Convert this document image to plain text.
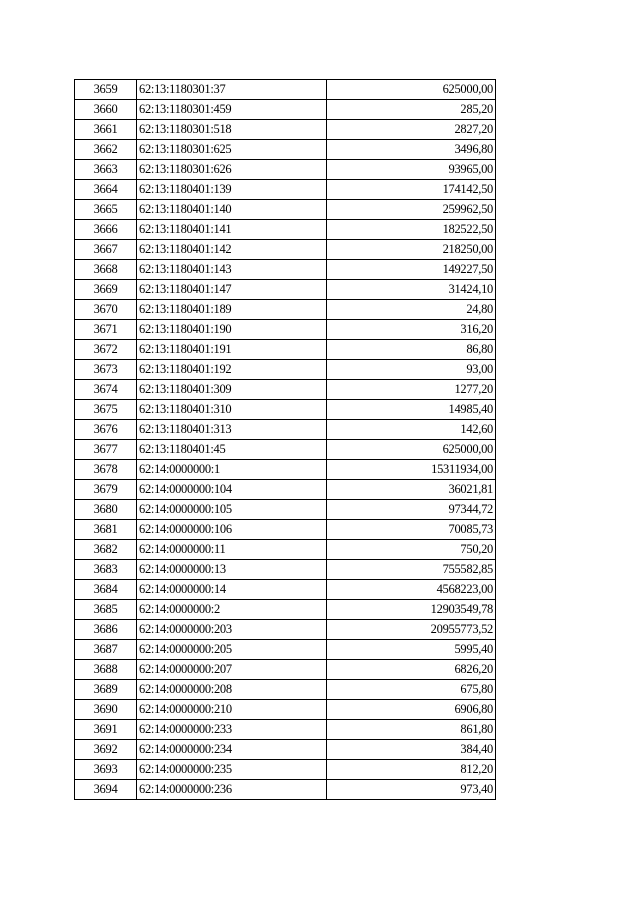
3659	62:13:1180301:37	625000,00
3660	62:13:1180301:459	285,20
3661	62:13:1180301:518	2827,20
3662	62:13:1180301:625	3496,80
3663	62:13:1180301:626	93965,00
3664	62:13:1180401:139	174142,50
3665	62:13:1180401:140	259962,50
3666	62:13:1180401:141	182522,50
3667	62:13:1180401:142	218250,00
3668	62:13:1180401:143	149227,50
3669	62:13:1180401:147	31424,10
3670	62:13:1180401:189	24,80
3671	62:13:1180401:190	316,20
3672	62:13:1180401:191	86,80
3673	62:13:1180401:192	93,00
3674	62:13:1180401:309	1277,20
3675	62:13:1180401:310	14985,40
3676	62:13:1180401:313	142,60
3677	62:13:1180401:45	625000,00
3678	62:14:0000000:1	15311934,00
3679	62:14:0000000:104	36021,81
3680	62:14:0000000:105	97344,72
3681	62:14:0000000:106	70085,73
3682	62:14:0000000:11	750,20
3683	62:14:0000000:13	755582,85
3684	62:14:0000000:14	4568223,00
3685	62:14:0000000:2	12903549,78
3686	62:14:0000000:203	20955773,52
3687	62:14:0000000:205	5995,40
3688	62:14:0000000:207	6826,20
3689	62:14:0000000:208	675,80
3690	62:14:0000000:210	6906,80
3691	62:14:0000000:233	861,80
3692	62:14:0000000:234	384,40
3693	62:14:0000000:235	812,20
3694	62:14:0000000:236	973,40
